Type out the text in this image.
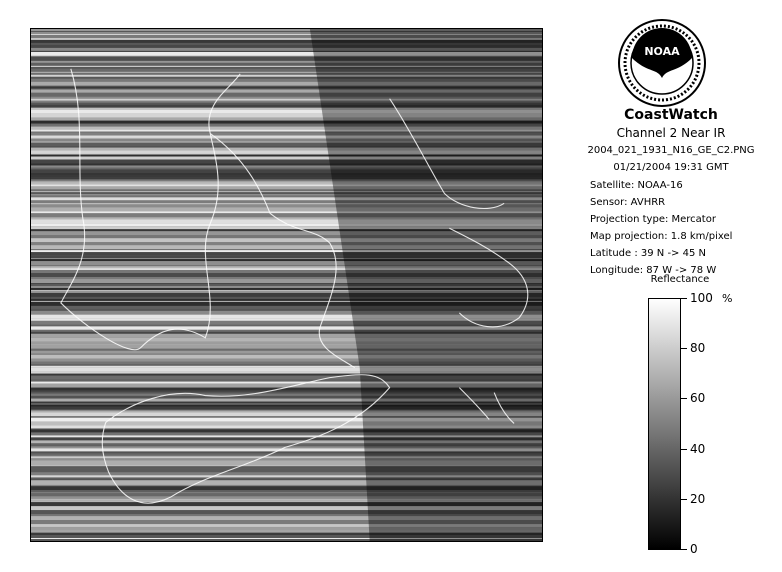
NOAA
CoastWatch
Channel 2 Near IR
2004_021_1931_N16_GE_C2.PNG
01/21/2004 19:31 GMT
Satellite: NOAA-16
Sensor: AVHRR
Projection type: Mercator
Map projection: 1.8 km/pixel
Latitude : 39 N -> 45 N
Longitude: 87 W -> 78 W
Reflectance
%
100
80
60
40
20
0
